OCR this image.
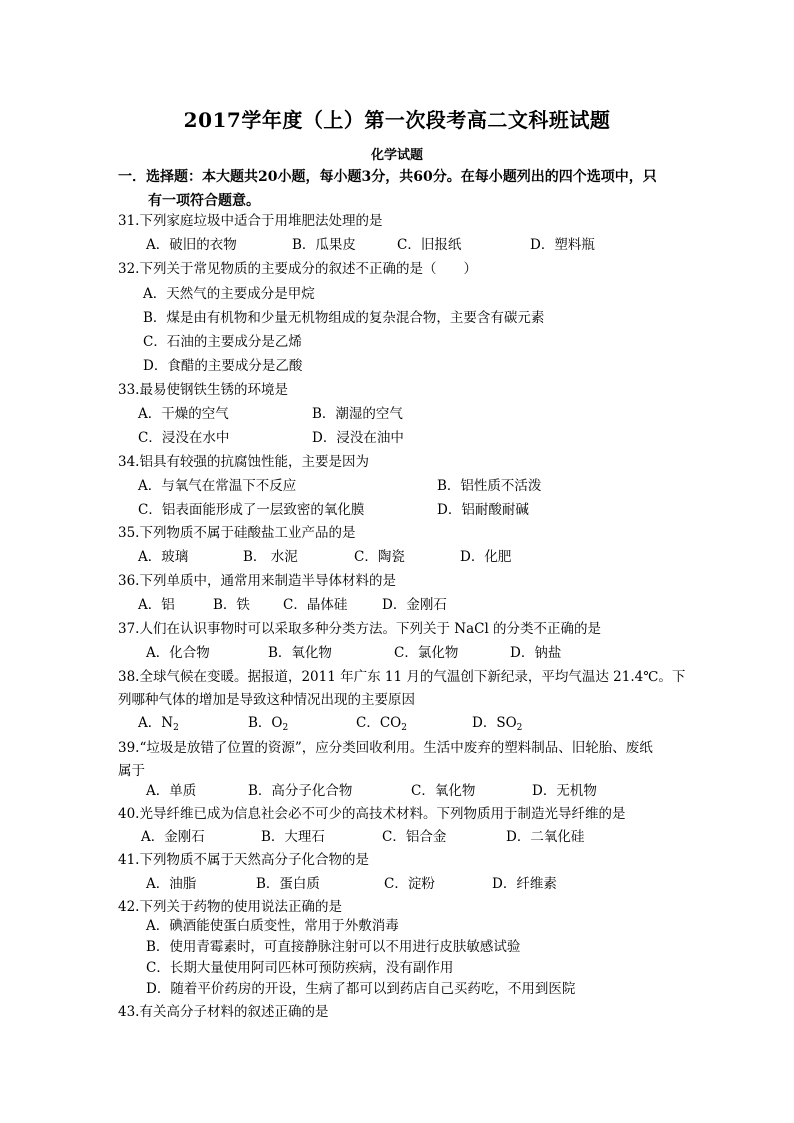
2017学年度（上）第一次段考高二文科班试题
化学试题
一．选择题：本大题共20小题，每小题3分，共60分。在每小题列出的四个选项中，只
有一项符合题意。
31.下列家庭垃圾中适合于用堆肥法处理的是
A．破旧的衣物	B．瓜果皮	C．旧报纸	D．塑料瓶
32.下列关于常见物质的主要成分的叙述不正确的是（　　）
A．天然气的主要成分是甲烷
B．煤是由有机物和少量无机物组成的复杂混合物，主要含有碳元素
C．石油的主要成分是乙烯
D．食醋的主要成分是乙酸
33.最易使钢铁生锈的环境是
A．干燥的空气	B．潮湿的空气
C．浸没在水中	D．浸没在油中
34.铝具有较强的抗腐蚀性能，主要是因为
A．与氧气在常温下不反应	B．铝性质不活泼
C．铝表面能形成了一层致密的氧化膜	D．铝耐酸耐碱
35.下列物质不属于硅酸盐工业产品的是
A．玻璃	B． 水泥	C．陶瓷	D．化肥
36.下列单质中，通常用来制造半导体材料的是
A．铝	B．铁 C．晶体硅	D．金刚石
37.人们在认识事物时可以采取多种分类方法。下列关于 NaCl 的分类不正确的是
A．化合物	B．氧化物	C．氯化物	D．钠盐
38.全球气候在变暖。据报道，2011 年广东 11 月的气温创下新纪录，平均气温达 21.4℃。下
列哪种气体的增加是导致这种情况出现的主要原因
A．$N_2$	B．$O_2$	C．$CO_2$	D．$SO_2$
39.“垃圾是放错了位置的资源”，应分类回收利用。生活中废弃的塑料制品、旧轮胎、废纸
属于
A．单质	B．高分子化合物	C．氧化物	D．无机物
40.光导纤维已成为信息社会必不可少的高技术材料。下列物质用于制造光导纤维的是
A．金刚石	B．大理石	C．铝合金	D．二氧化硅
41.下列物质不属于天然高分子化合物的是
A．油脂	B．蛋白质	C．淀粉	D．纤维素
42.下列关于药物的使用说法正确的是
A．碘酒能使蛋白质变性，常用于外敷消毒
B．使用青霉素时，可直接静脉注射可以不用进行皮肤敏感试验
C．长期大量使用阿司匹林可预防疾病，没有副作用
D．随着平价药房的开设，生病了都可以到药店自己买药吃，不用到医院
43.有关高分子材料的叙述正确的是
